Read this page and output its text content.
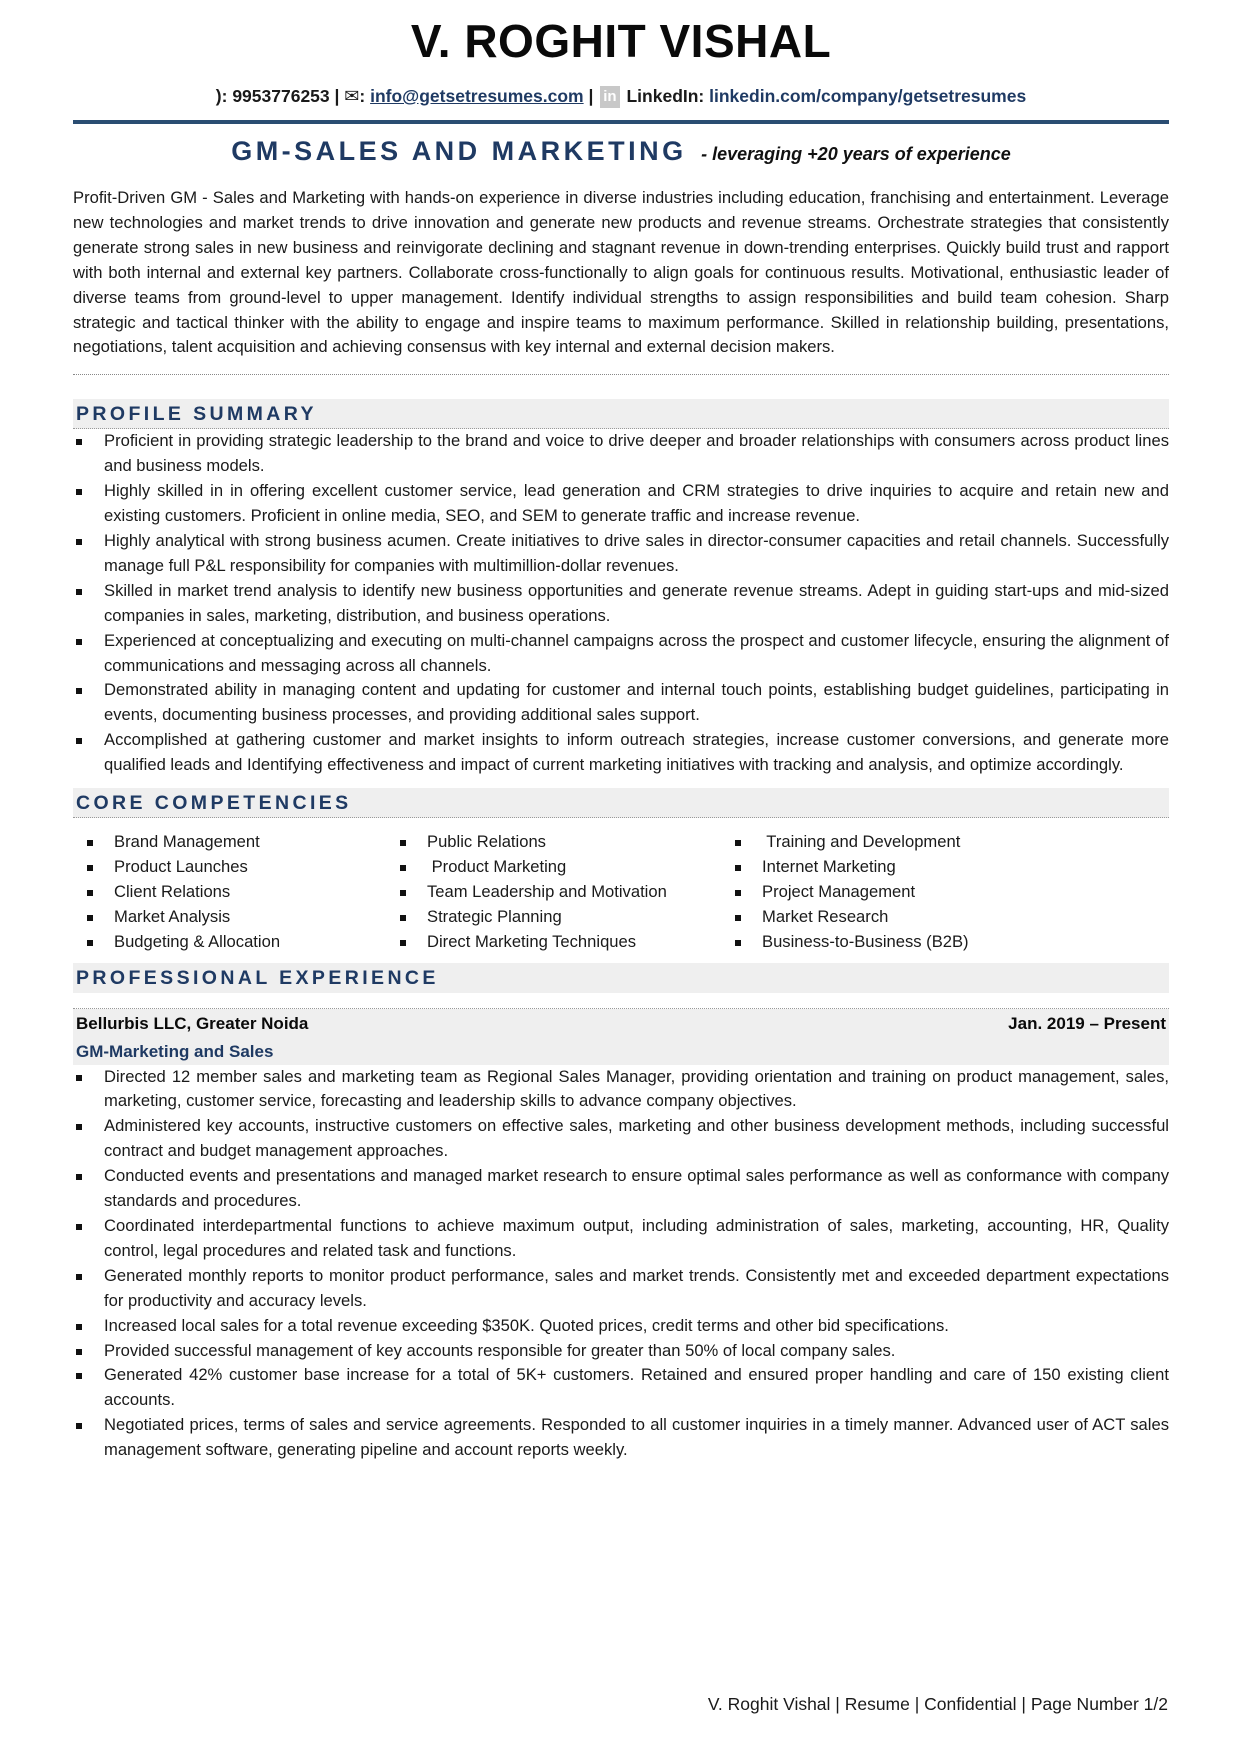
V. ROGHIT VISHAL
): 9953776253 | ✉: info@getsetresumes.com | in LinkedIn: linkedin.com/company/getsetresumes
GM-SALES AND MARKETING - leveraging +20 years of experience

Profit-Driven GM - Sales and Marketing with hands-on experience in diverse industries including education, franchising and entertainment. Leverage new technologies and market trends to drive innovation and generate new products and revenue streams. Orchestrate strategies that consistently generate strong sales in new business and reinvigorate declining and stagnant revenue in down-trending enterprises. Quickly build trust and rapport with both internal and external key partners. Collaborate cross-functionally to align goals for continuous results. Motivational, enthusiastic leader of diverse teams from ground-level to upper management. Identify individual strengths to assign responsibilities and build team cohesion. Sharp strategic and tactical thinker with the ability to engage and inspire teams to maximum performance. Skilled in relationship building, presentations, negotiations, talent acquisition and achieving consensus with key internal and external decision makers.

PROFILE SUMMARY
Proficient in providing strategic leadership to the brand and voice to drive deeper and broader relationships with consumers across product lines and business models.
Highly skilled in in offering excellent customer service, lead generation and CRM strategies to drive inquiries to acquire and retain new and existing customers. Proficient in online media, SEO, and SEM to generate traffic and increase revenue.
Highly analytical with strong business acumen. Create initiatives to drive sales in director-consumer capacities and retail channels. Successfully manage full P&L responsibility for companies with multimillion-dollar revenues.
Skilled in market trend analysis to identify new business opportunities and generate revenue streams. Adept in guiding start-ups and mid-sized companies in sales, marketing, distribution, and business operations.
Experienced at conceptualizing and executing on multi-channel campaigns across the prospect and customer lifecycle, ensuring the alignment of communications and messaging across all channels.
Demonstrated ability in managing content and updating for customer and internal touch points, establishing budget guidelines, participating in events, documenting business processes, and providing additional sales support.
Accomplished at gathering customer and market insights to inform outreach strategies, increase customer conversions, and generate more qualified leads and Identifying effectiveness and impact of current marketing initiatives with tracking and analysis, and optimize accordingly.
CORE COMPETENCIES
Brand Management
Product Launches
Client Relations
Market Analysis
Budgeting & Allocation
Public Relations
Product Marketing
Team Leadership and Motivation
Strategic Planning
Direct Marketing Techniques
Training and Development
Internet Marketing
Project Management
Market Research
Business-to-Business (B2B)
PROFESSIONAL EXPERIENCE
Bellurbis LLC, Greater Noida	Jan. 2019 – Present
GM-Marketing and Sales
Directed 12 member sales and marketing team as Regional Sales Manager, providing orientation and training on product management, sales, marketing, customer service, forecasting and leadership skills to advance company objectives.
Administered key accounts, instructive customers on effective sales, marketing and other business development methods, including successful contract and budget management approaches.
Conducted events and presentations and managed market research to ensure optimal sales performance as well as conformance with company standards and procedures.
Coordinated interdepartmental functions to achieve maximum output, including administration of sales, marketing, accounting, HR, Quality control, legal procedures and related task and functions.
Generated monthly reports to monitor product performance, sales and market trends. Consistently met and exceeded department expectations for productivity and accuracy levels.
Increased local sales for a total revenue exceeding $350K. Quoted prices, credit terms and other bid specifications.
Provided successful management of key accounts responsible for greater than 50% of local company sales.
Generated 42% customer base increase for a total of 5K+ customers. Retained and ensured proper handling and care of 150 existing client accounts.
Negotiated prices, terms of sales and service agreements. Responded to all customer inquiries in a timely manner. Advanced user of ACT sales management software, generating pipeline and account reports weekly.
V. Roghit Vishal | Resume | Confidential | Page Number 1/2
